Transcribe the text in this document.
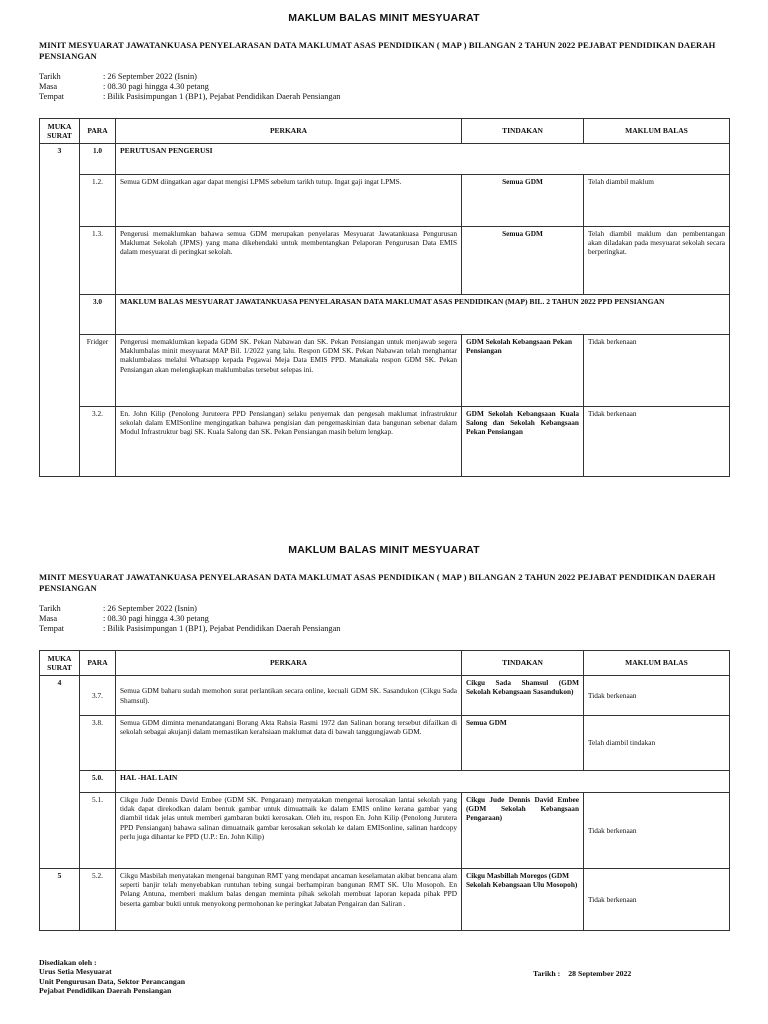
MAKLUM BALAS MINIT MESYUARAT
MINIT MESYUARAT JAWATANKUASA PENYELARASAN DATA MAKLUMAT ASAS PENDIDIKAN ( MAP ) BILANGAN 2 TAHUN 2022 PEJABAT PENDIDIKAN DAERAH PENSIANGAN
Tarikh	: 26 September 2022 (Isnin)
Masa	: 08.30 pagi hingga 4.30 petang
Tempat	: Bilik Pasisimpungan 1 (BP1), Pejabat Pendidikan Daerah Pensiangan
MUKA SURAT	PARA	PERKARA	TINDAKAN	MAKLUM BALAS
3	1.0	PERUTUSAN PENGERUSI		
	1.2.	Semua GDM diingatkan agar dapat mengisi LPMS sebelum tarikh tutup. Ingat gaji ingat LPMS.	Semua GDM	Telah diambil maklum
	1.3.	Pengerusi memaklumkan bahawa semua GDM merupakan penyelaras Mesyuarat Jawatankuasa Pengurusan Maklumat Sekolah (JPMS) yang mana dikehendaki untuk membentangkan Pelaporan Pengurusan Data EMIS dalam mesyuarat di peringkat sekolah.	Semua GDM	Telah diambil maklum dan pembentangan akan diladakan pada mesyuarat sekolah secara berperingkat.
	3.0	MAKLUM BALAS MESYUARAT JAWATANKUASA PENYELARASAN DATA MAKLUMAT ASAS PENDIDIKAN (MAP) BIL. 2 TAHUN 2022 PPD PENSIANGAN		
	Fridger	Pengerusi memaklumkan kepada GDM SK. Pekan Nabawan dan SK. Pekan Pensiangan untuk menjawab segera Maklumbalas minit mesyuarat MAP Bil. 1/2022 yang lalu. Respon GDM SK. Pekan Nabawan telah menghantar maklumbalass melalui Whatsapp kepada Pegawai Meja Data EMIS PPD. Manakala respon GDM SK. Pekan Pensiangan akan melengkapkan maklumbalas tersebut selepas ini.	GDM Sekolah Kebangsaan Pekan Pensiangan	Tidak berkenaan
	3.2.	En. John Kilip (Penolong Juruteera PPD Pensiangan) selaku penyemak dan pengesah maklumat infrastruktur sekolah dalam EMISonline mengingatkan bahawa pengisian dan pengemaskinian data bangunan sebenar dalam Modul Infrastruktur bagi SK. Kuala Salong dan SK. Pekan Pensiangan masih belum lengkap.	GDM Sekolah Kebangsaan Kuala Salong dan Sekolah Kebangsaan Pekan Pensiangan	Tidak berkenaan
MAKLUM BALAS MINIT MESYUARAT
MINIT MESYUARAT JAWATANKUASA PENYELARASAN DATA MAKLUMAT ASAS PENDIDIKAN ( MAP ) BILANGAN 2 TAHUN 2022 PEJABAT PENDIDIKAN DAERAH PENSIANGAN
Tarikh	: 26 September 2022 (Isnin)
Masa	: 08.30 pagi hingga 4.30 petang
Tempat	: Bilik Pasisimpungan 1 (BP1), Pejabat Pendidikan Daerah Pensiangan
MUKA SURAT	PARA	PERKARA	TINDAKAN	MAKLUM BALAS
4	3.7.	Semua GDM baharu sudah memohon surat perlantikan secara online, kecuali GDM SK. Sasandukon (Cikgu Sada Shamsul).	Cikgu Sada Shamsul (GDM Sekolah Kebangsaan Sasandukon)	Tidak berkenaan
	3.8.	Semua GDM diminta menandatangani Borang Akta Rahsia Rasmi 1972 dan Salinan borang tersebut difailkan di sekolah sebagai akujanji dalam memastikan kerahsiaan maklumat data di bawah tanggungjawab GDM.	Semua GDM	Telah diambil tindakan
	5.0.	HAL -HAL LAIN		
	5.1.	Cikgu Jude Dennis David Embee (GDM SK. Pengaraan) menyatakan mengenai kerosakan lantai sekolah yang tidak dapat direkodkan dalam bentuk gambar untuk dimuatnaik ke dalam EMIS online kerana gambar yang diambil tidak jelas untuk memberi gambaran bukti kerosakan. Oleh itu, respon En. John Kilip (Penolong Jurutera PPD Pensiangan) bahawa salinan dimuatnaik gambar kerosakan sekolah ke dalam EMISonline, salinan hardcopy perlu juga dihantar ke PPD (U.P.: En. John Kilip)	Cikgu Jude Dennis David Embee (GDM Sekolah Kebangsaan Pengaraan)	Tidak berkenaan
5	5.2.	Cikgu Masbilah menyatakan mengenai bangunan RMT yang mendapat ancaman keselamatan akibat bencana alam seperti banjir telah menyebabkan runtuhan tebing sungai berhampiran bangunan RMT SK. Ulu Mosopoh. En Pelang Antuna, memberi maklum balas dengan meminta pihak sekolah membuat laporan kepada pihak PPD beserta gambar bukti untuk menyokong permohonan ke peringkat Jabatan Pengairan dan Saliran .	Cikgu Masbillah Moregos (GDM Sekolah Kebangsaan Ulu Mosopoh)	Tidak berkenaan
Disediakan oleh :
Urus Setia Mesyuarat
Unit Pengurusan Data, Sektor Perancangan
Pejabat Pendidikan Daerah Pensiangan
Tarikh : 28 September 2022
